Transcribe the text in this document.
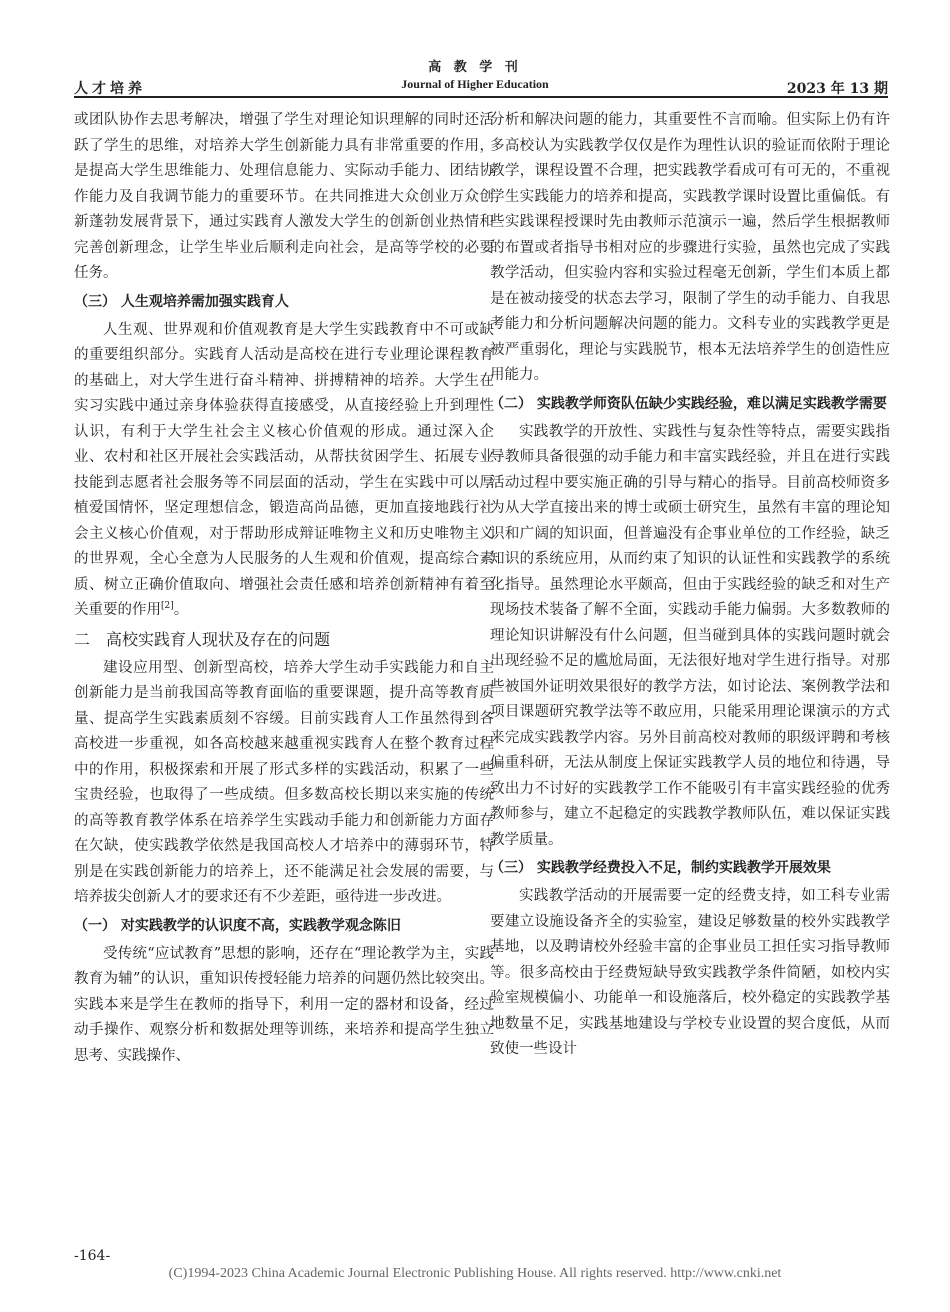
高 教 学 刊
Journal of Higher Education
人才培养	2023 年 13 期

或团队协作去思考解决，增强了学生对理论知识理解的同时还活跃了学生的思维，对培养大学生创新能力具有非常重要的作用，是提高大学生思维能力、处理信息能力、实际动手能力、团结协作能力及自我调节能力的重要环节。在共同推进大众创业万众创新蓬勃发展背景下，通过实践育人激发大学生的创新创业热情和完善创新理念，让学生毕业后顺利走向社会，是高等学校的必要任务。

（三） 人生观培养需加强实践育人

人生观、世界观和价值观教育是大学生实践教育中不可或缺的重要组织部分。实践育人活动是高校在进行专业理论课程教育的基础上，对大学生进行奋斗精神、拼搏精神的培养。大学生在实习实践中通过亲身体验获得直接感受，从直接经验上升到理性认识，有利于大学生社会主义核心价值观的形成。通过深入企业、农村和社区开展社会实践活动，从帮扶贫困学生、拓展专业技能到志愿者社会服务等不同层面的活动，学生在实践中可以厚植爱国情怀，坚定理想信念，锻造高尚品德，更加直接地践行社会主义核心价值观，对于帮助形成辩证唯物主义和历史唯物主义的世界观，全心全意为人民服务的人生观和价值观，提高综合素质、树立正确价值取向、增强社会责任感和培养创新精神有着至关重要的作用[2]。

二　高校实践育人现状及存在的问题

建设应用型、创新型高校，培养大学生动手实践能力和自主创新能力是当前我国高等教育面临的重要课题，提升高等教育质量、提高学生实践素质刻不容缓。目前实践育人工作虽然得到各高校进一步重视，如各高校越来越重视实践育人在整个教育过程中的作用，积极探索和开展了形式多样的实践活动，积累了一些宝贵经验，也取得了一些成绩。但多数高校长期以来实施的传统的高等教育教学体系在培养学生实践动手能力和创新能力方面存在欠缺，使实践教学依然是我国高校人才培养中的薄弱环节，特别是在实践创新能力的培养上，还不能满足社会发展的需要，与培养拔尖创新人才的要求还有不少差距，亟待进一步改进。

（一） 对实践教学的认识度不高，实践教学观念陈旧

受传统“应试教育”思想的影响，还存在“理论教学为主，实践教育为辅”的认识，重知识传授轻能力培养的问题仍然比较突出。实践本来是学生在教师的指导下，利用一定的器材和设备，经过动手操作、观察分析和数据处理等训练，来培养和提高学生独立思考、实践操作、

分析和解决问题的能力，其重要性不言而喻。但实际上仍有许多高校认为实践教学仅仅是作为理性认识的验证而依附于理论教学，课程设置不合理，把实践教学看成可有可无的，不重视学生实践能力的培养和提高，实践教学课时设置比重偏低。有些实践课程授课时先由教师示范演示一遍，然后学生根据教师的布置或者指导书相对应的步骤进行实验，虽然也完成了实践教学活动，但实验内容和实验过程毫无创新，学生们本质上都是在被动接受的状态去学习，限制了学生的动手能力、自我思考能力和分析问题解决问题的能力。文科专业的实践教学更是被严重弱化，理论与实践脱节，根本无法培养学生的创造性应用能力。

（二） 实践教学师资队伍缺少实践经验，难以满足实践教学需要

实践教学的开放性、实践性与复杂性等特点，需要实践指导教师具备很强的动手能力和丰富实践经验，并且在进行实践活动过程中要实施正确的引导与精心的指导。目前高校师资多为从大学直接出来的博士或硕士研究生，虽然有丰富的理论知识和广阔的知识面，但普遍没有企事业单位的工作经验，缺乏知识的系统应用，从而约束了知识的认证性和实践教学的系统化指导。虽然理论水平颇高，但由于实践经验的缺乏和对生产现场技术装备了解不全面，实践动手能力偏弱。大多数教师的理论知识讲解没有什么问题，但当碰到具体的实践问题时就会出现经验不足的尴尬局面，无法很好地对学生进行指导。对那些被国外证明效果很好的教学方法，如讨论法、案例教学法和项目课题研究教学法等不敢应用，只能采用理论课演示的方式来完成实践教学内容。另外目前高校对教师的职级评聘和考核偏重科研，无法从制度上保证实践教学人员的地位和待遇，导致出力不讨好的实践教学工作不能吸引有丰富实践经验的优秀教师参与，建立不起稳定的实践教学教师队伍，难以保证实践教学质量。

（三） 实践教学经费投入不足，制约实践教学开展效果

实践教学活动的开展需要一定的经费支持，如工科专业需要建立设施设备齐全的实验室，建设足够数量的校外实践教学基地，以及聘请校外经验丰富的企事业员工担任实习指导教师等。很多高校由于经费短缺导致实践教学条件简陋，如校内实验室规模偏小、功能单一和设施落后，校外稳定的实践教学基地数量不足，实践基地建设与学校专业设置的契合度低，从而致使一些设计

-164-
(C)1994-2023 China Academic Journal Electronic Publishing House. All rights reserved. http://www.cnki.net
